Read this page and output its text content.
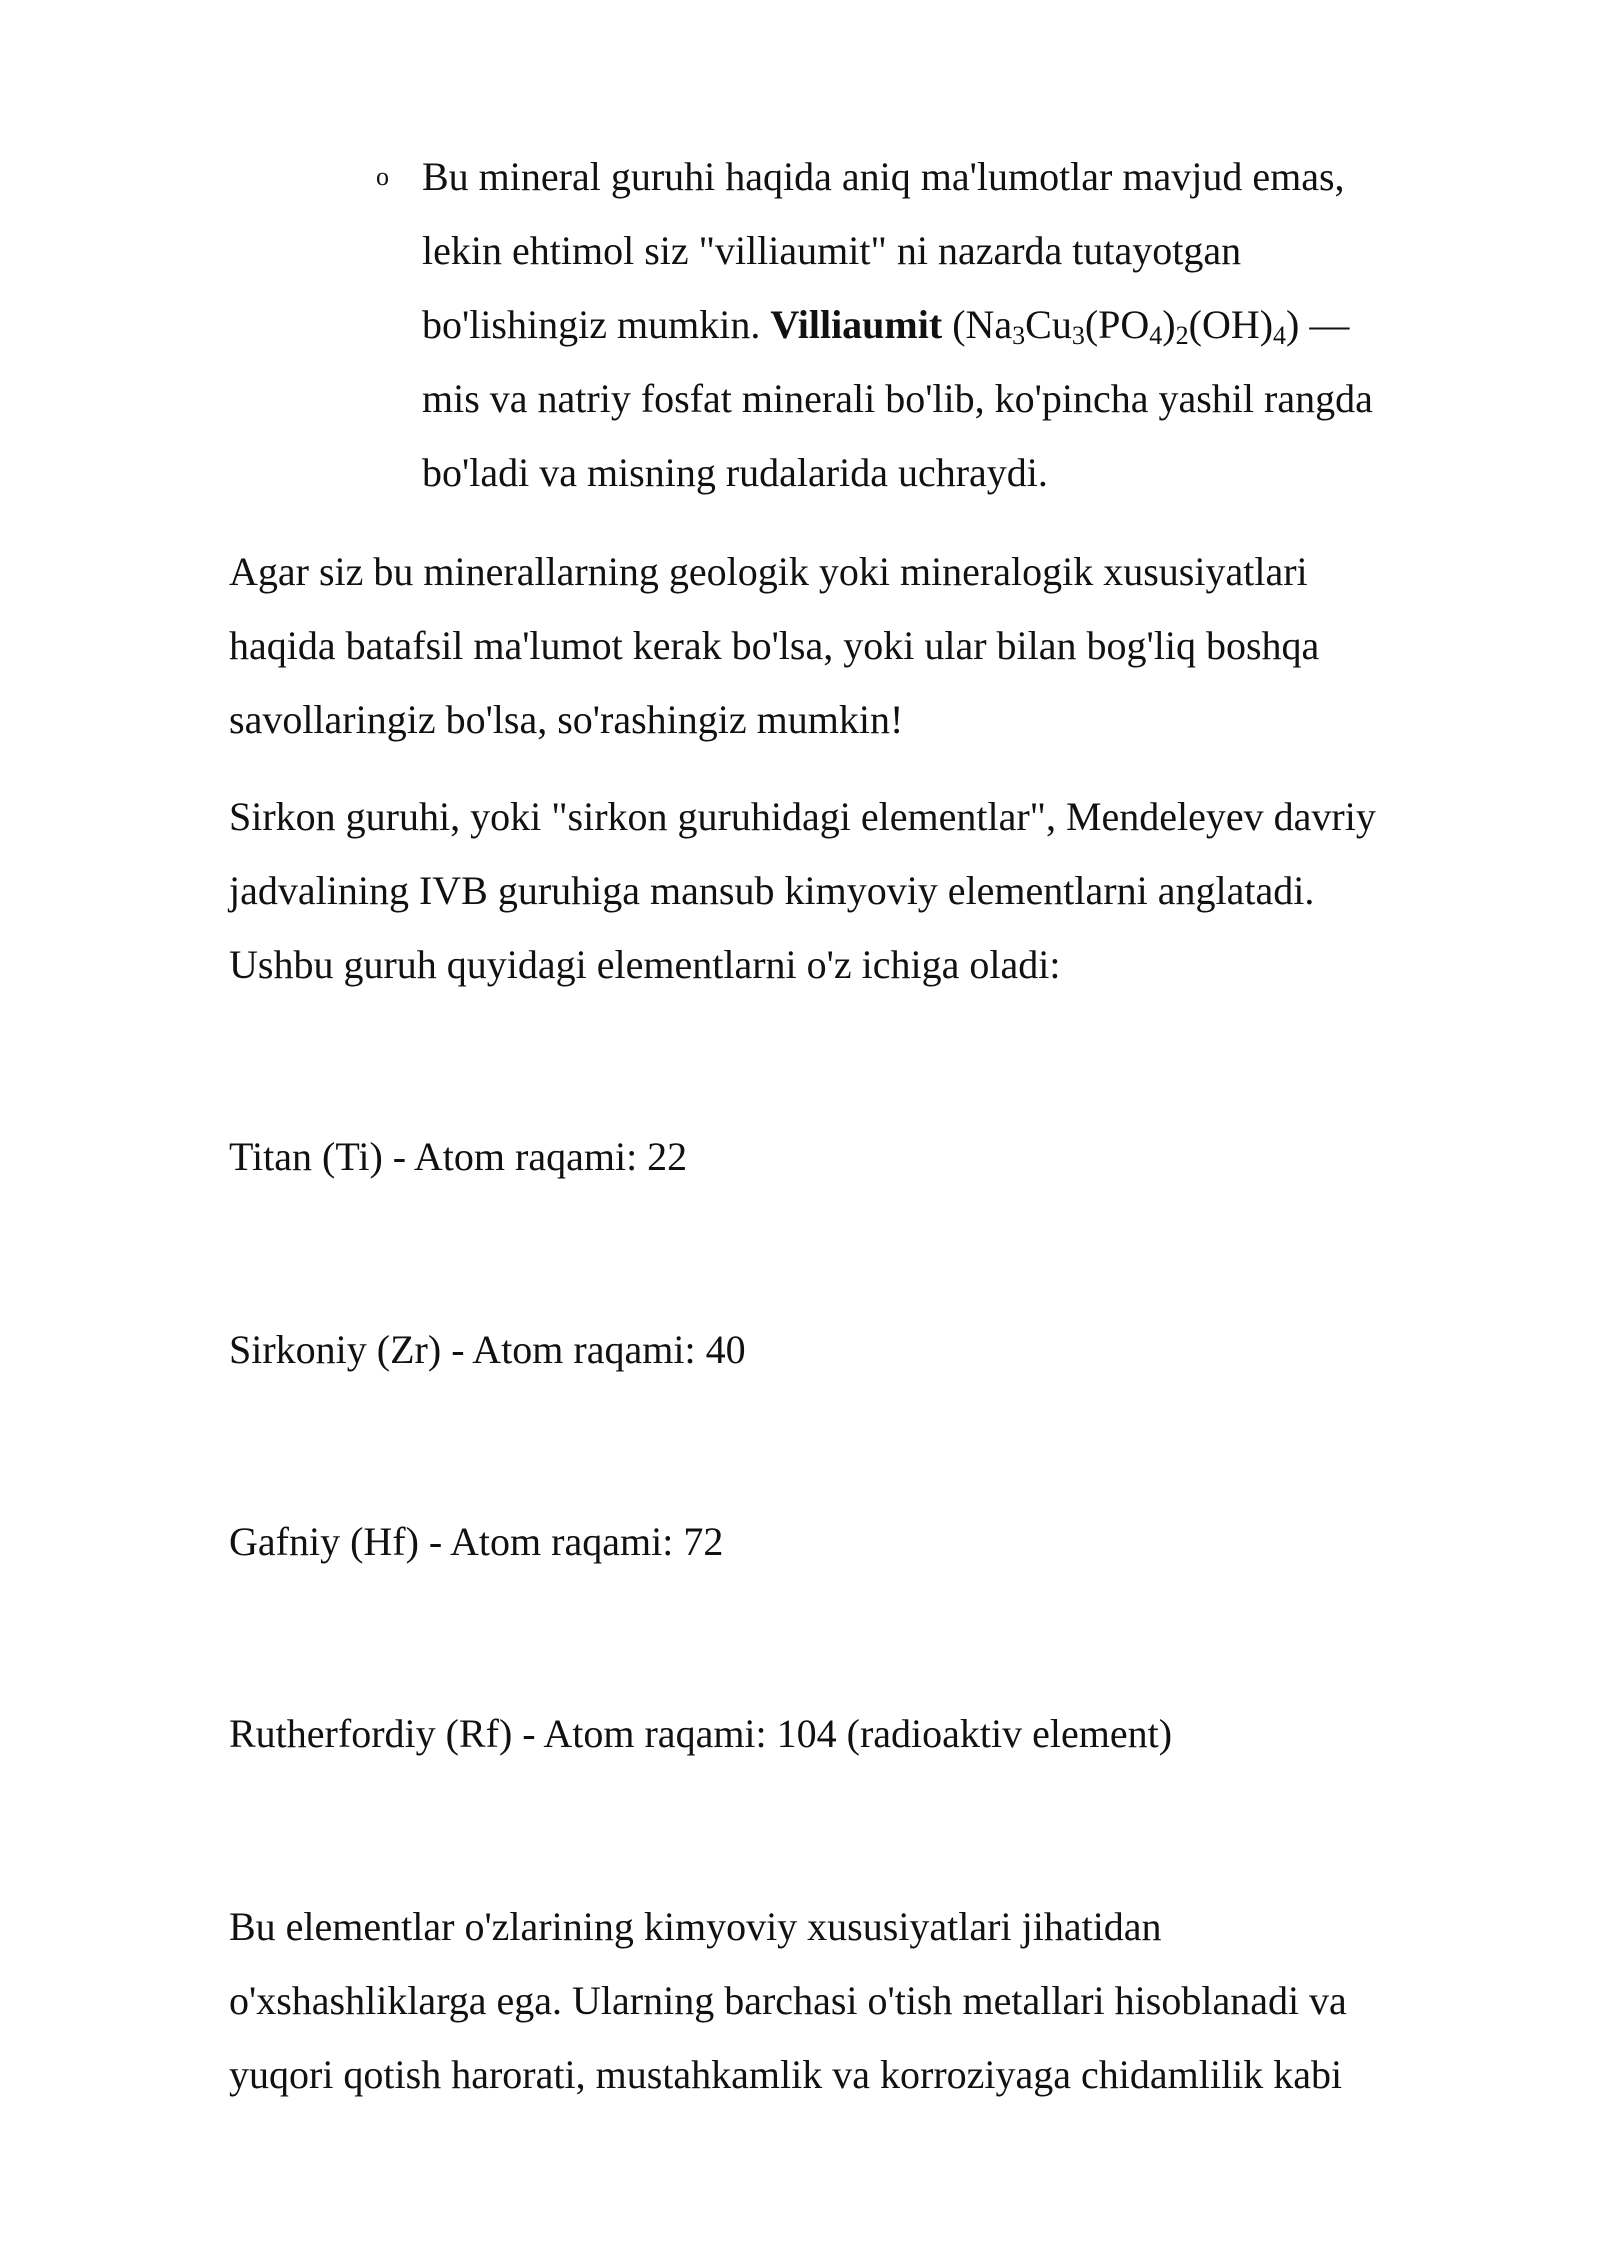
o Bu mineral guruhi haqida aniq ma'lumotlar mavjud emas,
lekin ehtimol siz "villiaumit" ni nazarda tutayotgan
bo'lishingiz mumkin. Villiaumit $(Na_3Cu_3(PO_4)_2(OH)_4)$ —
mis va natriy fosfat minerali bo'lib, ko'pincha yashil rangda
bo'ladi va misning rudalarida uchraydi.

Agar siz bu minerallarning geologik yoki mineralogik xususiyatlari
haqida batafsil ma'lumot kerak bo'lsa, yoki ular bilan bog'liq boshqa
savollaringiz bo'lsa, so'rashingiz mumkin!

Sirkon guruhi, yoki "sirkon guruhidagi elementlar", Mendeleyev davriy
jadvalining IVB guruhiga mansub kimyoviy elementlarni anglatadi.
Ushbu guruh quyidagi elementlarni o'z ichiga oladi:

Titan (Ti) - Atom raqami: 22

Sirkoniy (Zr) - Atom raqami: 40

Gafniy (Hf) - Atom raqami: 72

Rutherfordiy (Rf) - Atom raqami: 104 (radioaktiv element)

Bu elementlar o'zlarining kimyoviy xususiyatlari jihatidan
o'xshashliklarga ega. Ularning barchasi o'tish metallari hisoblanadi va
yuqori qotish harorati, mustahkamlik va korroziyaga chidamlilik kabi
